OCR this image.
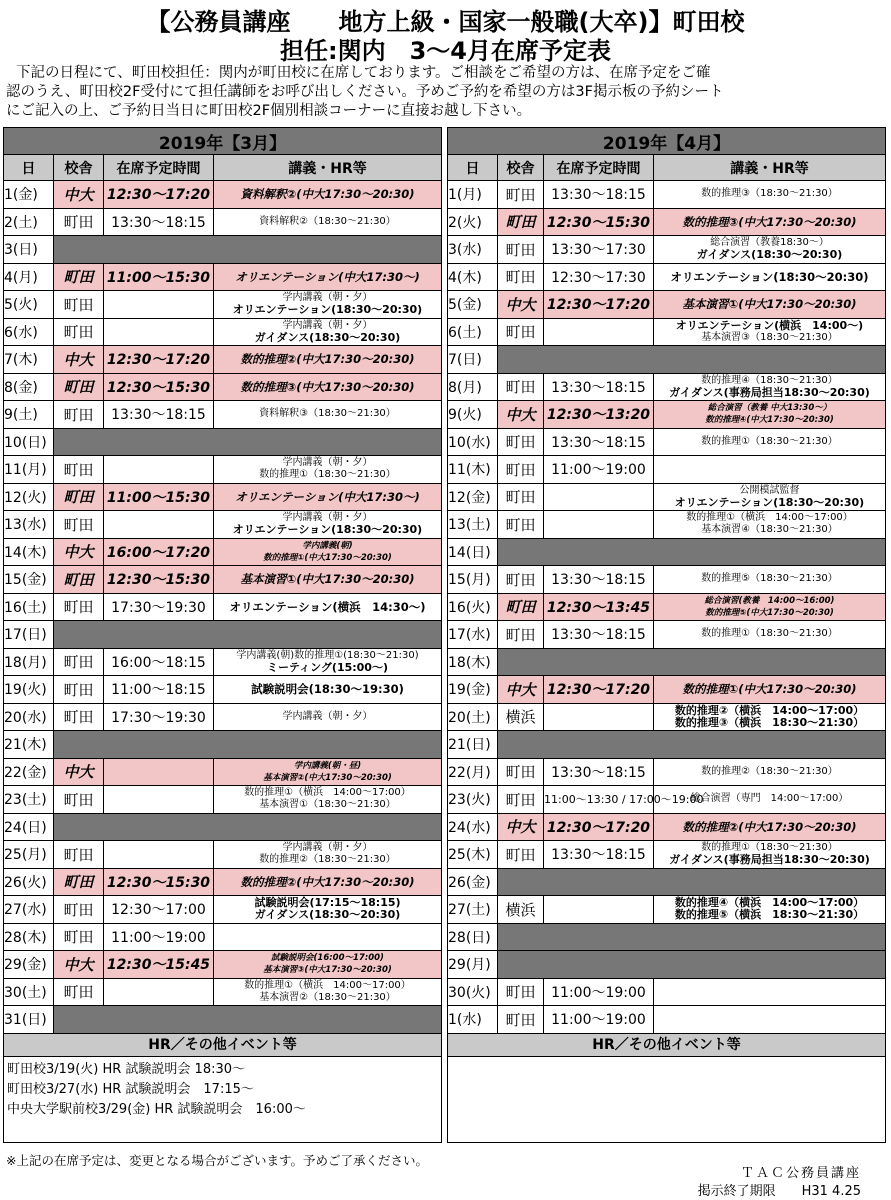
【公務員講座　　地方上級・国家一般職(大卒)】町田校
担任:関内　3〜4月在席予定表
下記の日程にて、町田校担任：関内が町田校に在席しております。ご相談をご希望の方は、在席予定をご確
認のうえ、町田校2F受付にて担任講師をお呼び出しください。予めご予約を希望の方は3F掲示板の予約シート
にご記入の上、ご予約日当日に町田校2F個別相談コーナーに直接お越し下さい。
2019年【3月】			
日	校舎	在席予定時間	講義・HR等
1(金)	中大	12:30〜17:20	資料解釈②(中大17:30〜20:30)

2(土)	町田	13:30〜18:15	資料解釈②（18:30〜21:30）

3(日)			
4(月)	町田	11:00〜15:30	オリエンテーション(中大17:30〜)

5(火)	町田		学内講義（朝・夕）
オリエンテーション(18:30〜20:30)

6(水)	町田		学内講義（朝・夕）
ガイダンス(18:30〜20:30)

7(木)	中大	12:30〜17:20	数的推理②(中大17:30〜20:30)

8(金)	町田	12:30〜15:30	数的推理③(中大17:30〜20:30)

9(土)	町田	13:30〜18:15	資料解釈③（18:30〜21:30）

10(日)			
11(月)	町田		学内講義（朝・夕）
数的推理①（18:30〜21:30）

12(火)	町田	11:00〜15:30	オリエンテーション(中大17:30〜)

13(水)	町田		学内講義（朝・夕）
オリエンテーション(18:30〜20:30)

14(木)	中大	16:00〜17:20	学内講義(朝)
数的推理①(中大17:30〜20:30)

15(金)	町田	12:30〜15:30	基本演習①(中大17:30〜20:30)

16(土)	町田	17:30〜19:30	オリエンテーション(横浜　14:30〜)

17(日)			
18(月)	町田	16:00〜18:15	学内講義(朝)数的推理①(18:30〜21:30)
ミーティング(15:00〜)

19(火)	町田	11:00〜18:15	試験説明会(18:30〜19:30)

20(水)	町田	17:30〜19:30	学内講義（朝・夕）

21(木)			
22(金)	中大		学内講義(朝・昼)
基本演習②(中大17:30〜20:30)

23(土)	町田		数的推理①（横浜　14:00〜17:00）
基本演習①（18:30〜21:30）

24(日)			
25(月)	町田		学内講義（朝・夕）
数的推理②（18:30〜21:30）

26(火)	町田	12:30〜15:30	数的推理②(中大17:30〜20:30)

27(水)	町田	12:30〜17:00	試験説明会(17:15〜18:15)
ガイダンス(18:30〜20:30)

28(木)	町田	11:00〜19:00	
29(金)	中大	12:30〜15:45	試験説明会(16:00〜17:00)
基本演習③(中大17:30〜20:30)

30(土)	町田		数的推理①（横浜　14:00〜17:00）
基本演習②（18:30〜21:30）

31(日)			
HR／その他イベント等
町田校3/19(火) HR 試験説明会 18:30〜
町田校3/27(水) HR 試験説明会　17:15〜
中央大学駅前校3/29(金) HR 試験説明会　16:00〜
2019年【4月】			
日	校舎	在席予定時間	講義・HR等
1(月)	町田	13:30〜18:15	数的推理③（18:30〜21:30）

2(火)	町田	12:30〜15:30	数的推理③(中大17:30〜20:30)

3(水)	町田	13:30〜17:30	総合演習（教養18:30〜）
ガイダンス(18:30〜20:30)

4(木)	町田	12:30〜17:30	オリエンテーション(18:30〜20:30)

5(金)	中大	12:30〜17:20	基本演習①(中大17:30〜20:30)

6(土)	町田		オリエンテーション(横浜　14:00〜)
基本演習③（18:30〜21:30）

7(日)			
8(月)	町田	13:30〜18:15	数的推理④（18:30〜21:30）
ガイダンス(事務局担当18:30〜20:30)

9(火)	中大	12:30〜13:20	総合演習（教養 中大13:30〜）
数的推理④(中大17:30〜20:30)

10(水)	町田	13:30〜18:15	数的推理①（18:30〜21:30）

11(木)	町田	11:00〜19:00	
12(金)	町田		公開模試監督
オリエンテーション(18:30〜20:30)

13(土)	町田		数的推理①（横浜　14:00〜17:00）
基本演習④（18:30〜21:30）

14(日)			
15(月)	町田	13:30〜18:15	数的推理⑤（18:30〜21:30）

16(火)	町田	12:30〜13:45	総合演習(教養　14:00〜16:00)
数的推理⑤(中大17:30〜20:30)

17(水)	町田	13:30〜18:15	数的推理①（18:30〜21:30）

18(木)			
19(金)	中大	12:30〜17:20	数的推理①(中大17:30〜20:30)

20(土)	横浜		数的推理②（横浜　14:00〜17:00）
数的推理③（横浜　18:30〜21:30）

21(日)			
22(月)	町田	13:30〜18:15	数的推理②（18:30〜21:30）

23(火)	町田	11:00〜13:30 / 17:00〜19:00	総合演習（専門　14:00〜17:00）

24(水)	中大	12:30〜17:20	数的推理②(中大17:30〜20:30)

25(木)	町田	13:30〜18:15	数的推理①（18:30〜21:30）
ガイダンス(事務局担当18:30〜20:30)

26(金)			
27(土)	横浜		数的推理④（横浜　14:00〜17:00）
数的推理⑤（横浜　18:30〜21:30）

28(日)			
29(月)			
30(火)	町田	11:00〜19:00	
1(水)	町田	11:00〜19:00	
HR／その他イベント等
※上記の在席予定は、変更となる場合がございます。予めご了承ください。
ＴＡＣ公務員講座
掲示終了期限　　H31 4.25
